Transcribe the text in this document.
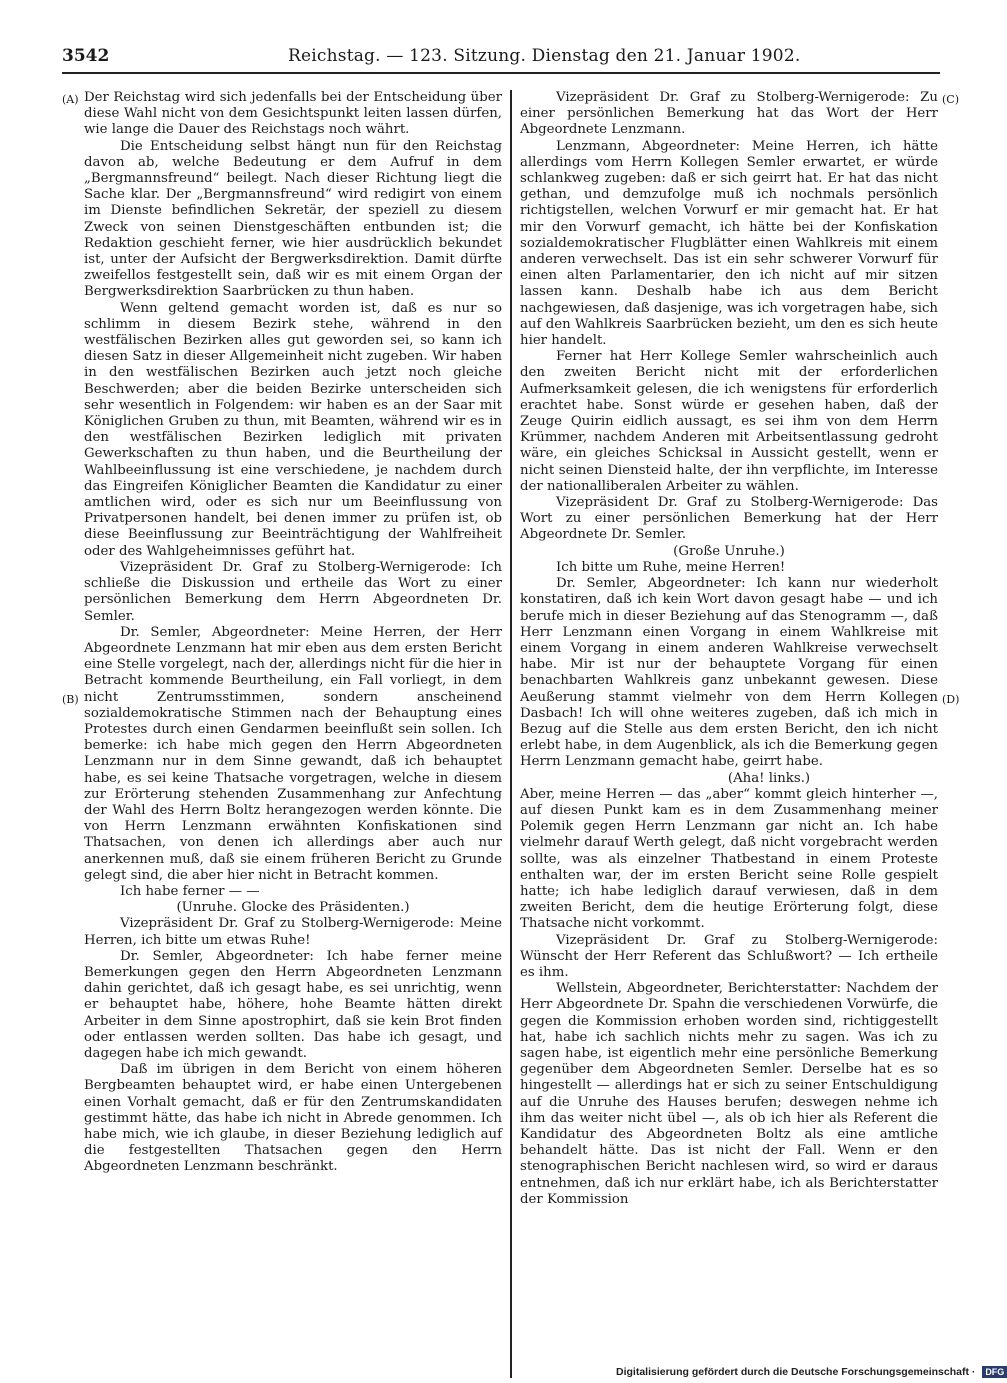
3542	Reichstag. — 123. Sitzung. Dienstag den 21. Januar 1902.
(A)
(B)
(C)
(D)

Der Reichstag wird sich jedenfalls bei der Entscheidung über diese Wahl nicht von dem Gesichtspunkt leiten lassen dürfen, wie lange die Dauer des Reichstags noch währt.

Die Entscheidung selbst hängt nun für den Reichstag davon ab, welche Bedeutung er dem Aufruf in dem „Bergmannsfreund“ beilegt. Nach dieser Richtung liegt die Sache klar. Der „Bergmannsfreund“ wird redigirt von einem im Dienste befindlichen Sekretär, der speziell zu diesem Zweck von seinen Dienstgeschäften entbunden ist; die Redaktion geschieht ferner, wie hier ausdrücklich bekundet ist, unter der Aufsicht der Bergwerksdirektion. Damit dürfte zweifellos festgestellt sein, daß wir es mit einem Organ der Bergwerksdirektion Saarbrücken zu thun haben.

Wenn geltend gemacht worden ist, daß es nur so schlimm in diesem Bezirk stehe, während in den westfälischen Bezirken alles gut geworden sei, so kann ich diesen Satz in dieser Allgemeinheit nicht zugeben. Wir haben in den westfälischen Bezirken auch jetzt noch gleiche Beschwerden; aber die beiden Bezirke unterscheiden sich sehr wesentlich in Folgendem: wir haben es an der Saar mit Königlichen Gruben zu thun, mit Beamten, während wir es in den westfälischen Bezirken lediglich mit privaten Gewerkschaften zu thun haben, und die Beurtheilung der Wahlbeeinflussung ist eine verschiedene, je nachdem durch das Eingreifen Königlicher Beamten die Kandidatur zu einer amtlichen wird, oder es sich nur um Beeinflussung von Privatpersonen handelt, bei denen immer zu prüfen ist, ob diese Beeinflussung zur Beeinträchtigung der Wahlfreiheit oder des Wahlgeheimnisses geführt hat.

Vizepräsident Dr. Graf zu Stolberg-Wernigerode: Ich schließe die Diskussion und ertheile das Wort zu einer persönlichen Bemerkung dem Herrn Abgeordneten Dr. Semler.

Dr. Semler, Abgeordneter: Meine Herren, der Herr Abgeordnete Lenzmann hat mir eben aus dem ersten Bericht eine Stelle vorgelegt, nach der, allerdings nicht für die hier in Betracht kommende Beurtheilung, ein Fall vorliegt, in dem nicht Zentrumsstimmen, sondern anscheinend sozialdemokratische Stimmen nach der Behauptung eines Protestes durch einen Gendarmen beeinflußt sein sollen. Ich bemerke: ich habe mich gegen den Herrn Abgeordneten Lenzmann nur in dem Sinne gewandt, daß ich behauptet habe, es sei keine Thatsache vorgetragen, welche in diesem zur Erörterung stehenden Zusammenhang zur Anfechtung der Wahl des Herrn Boltz herangezogen werden könnte. Die von Herrn Lenzmann erwähnten Konfiskationen sind Thatsachen, von denen ich allerdings aber auch nur anerkennen muß, daß sie einem früheren Bericht zu Grunde gelegt sind, die aber hier nicht in Betracht kommen.

Ich habe ferner — —

(Unruhe. Glocke des Präsidenten.)

Vizepräsident Dr. Graf zu Stolberg-Wernigerode: Meine Herren, ich bitte um etwas Ruhe!

Dr. Semler, Abgeordneter: Ich habe ferner meine Bemerkungen gegen den Herrn Abgeordneten Lenzmann dahin gerichtet, daß ich gesagt habe, es sei unrichtig, wenn er behauptet habe, höhere, hohe Beamte hätten direkt Arbeiter in dem Sinne apostrophirt, daß sie kein Brot finden oder entlassen werden sollten. Das habe ich gesagt, und dagegen habe ich mich gewandt.

Daß im übrigen in dem Bericht von einem höheren Bergbeamten behauptet wird, er habe einen Untergebenen einen Vorhalt gemacht, daß er für den Zentrumskandidaten gestimmt hätte, das habe ich nicht in Abrede genommen. Ich habe mich, wie ich glaube, in dieser Beziehung lediglich auf die festgestellten Thatsachen gegen den Herrn Abgeordneten Lenzmann beschränkt.

Vizepräsident Dr. Graf zu Stolberg-Wernigerode: Zu einer persönlichen Bemerkung hat das Wort der Herr Abgeordnete Lenzmann.

Lenzmann, Abgeordneter: Meine Herren, ich hätte allerdings vom Herrn Kollegen Semler erwartet, er würde schlankweg zugeben: daß er sich geirrt hat. Er hat das nicht gethan, und demzufolge muß ich nochmals persönlich richtigstellen, welchen Vorwurf er mir gemacht hat. Er hat mir den Vorwurf gemacht, ich hätte bei der Konfiskation sozialdemokratischer Flugblätter einen Wahlkreis mit einem anderen verwechselt. Das ist ein sehr schwerer Vorwurf für einen alten Parlamentarier, den ich nicht auf mir sitzen lassen kann. Deshalb habe ich aus dem Bericht nachgewiesen, daß dasjenige, was ich vorgetragen habe, sich auf den Wahlkreis Saarbrücken bezieht, um den es sich heute hier handelt.

Ferner hat Herr Kollege Semler wahrscheinlich auch den zweiten Bericht nicht mit der erforderlichen Aufmerksamkeit gelesen, die ich wenigstens für erforderlich erachtet habe. Sonst würde er gesehen haben, daß der Zeuge Quirin eidlich aussagt, es sei ihm von dem Herrn Krümmer, nachdem Anderen mit Arbeitsentlassung gedroht wäre, ein gleiches Schicksal in Aussicht gestellt, wenn er nicht seinen Diensteid halte, der ihn verpflichte, im Interesse der nationalliberalen Arbeiter zu wählen.

Vizepräsident Dr. Graf zu Stolberg-Wernigerode: Das Wort zu einer persönlichen Bemerkung hat der Herr Abgeordnete Dr. Semler.

(Große Unruhe.)

Ich bitte um Ruhe, meine Herren!

Dr. Semler, Abgeordneter: Ich kann nur wiederholt konstatiren, daß ich kein Wort davon gesagt habe — und ich berufe mich in dieser Beziehung auf das Stenogramm —, daß Herr Lenzmann einen Vorgang in einem Wahlkreise mit einem Vorgang in einem anderen Wahlkreise verwechselt habe. Mir ist nur der behauptete Vorgang für einen benachbarten Wahlkreis ganz unbekannt gewesen. Diese Aeußerung stammt vielmehr von dem Herrn Kollegen Dasbach! Ich will ohne weiteres zugeben, daß ich mich in Bezug auf die Stelle aus dem ersten Bericht, den ich nicht erlebt habe, in dem Augenblick, als ich die Bemerkung gegen Herrn Lenzmann gemacht habe, geirrt habe.

(Aha! links.)

Aber, meine Herren — das „aber“ kommt gleich hinterher —, auf diesen Punkt kam es in dem Zusammenhang meiner Polemik gegen Herrn Lenzmann gar nicht an. Ich habe vielmehr darauf Werth gelegt, daß nicht vorgebracht werden sollte, was als einzelner Thatbestand in einem Proteste enthalten war, der im ersten Bericht seine Rolle gespielt hatte; ich habe lediglich darauf verwiesen, daß in dem zweiten Bericht, dem die heutige Erörterung folgt, diese Thatsache nicht vorkommt.

Vizepräsident Dr. Graf zu Stolberg-Wernigerode: Wünscht der Herr Referent das Schlußwort? — Ich ertheile es ihm.

Wellstein, Abgeordneter, Berichterstatter: Nachdem der Herr Abgeordnete Dr. Spahn die verschiedenen Vorwürfe, die gegen die Kommission erhoben worden sind, richtiggestellt hat, habe ich sachlich nichts mehr zu sagen. Was ich zu sagen habe, ist eigentlich mehr eine persönliche Bemerkung gegenüber dem Abgeordneten Semler. Derselbe hat es so hingestellt — allerdings hat er sich zu seiner Entschuldigung auf die Unruhe des Hauses berufen; deswegen nehme ich ihm das weiter nicht übel —, als ob ich hier als Referent die Kandidatur des Abgeordneten Boltz als eine amtliche behandelt hätte. Das ist nicht der Fall. Wenn er den stenographischen Bericht nachlesen wird, so wird er daraus entnehmen, daß ich nur erklärt habe, ich als Berichterstatter der Kommission

Digitalisierung gefördert durch die Deutsche Forschungsgemeinschaft · DFG
